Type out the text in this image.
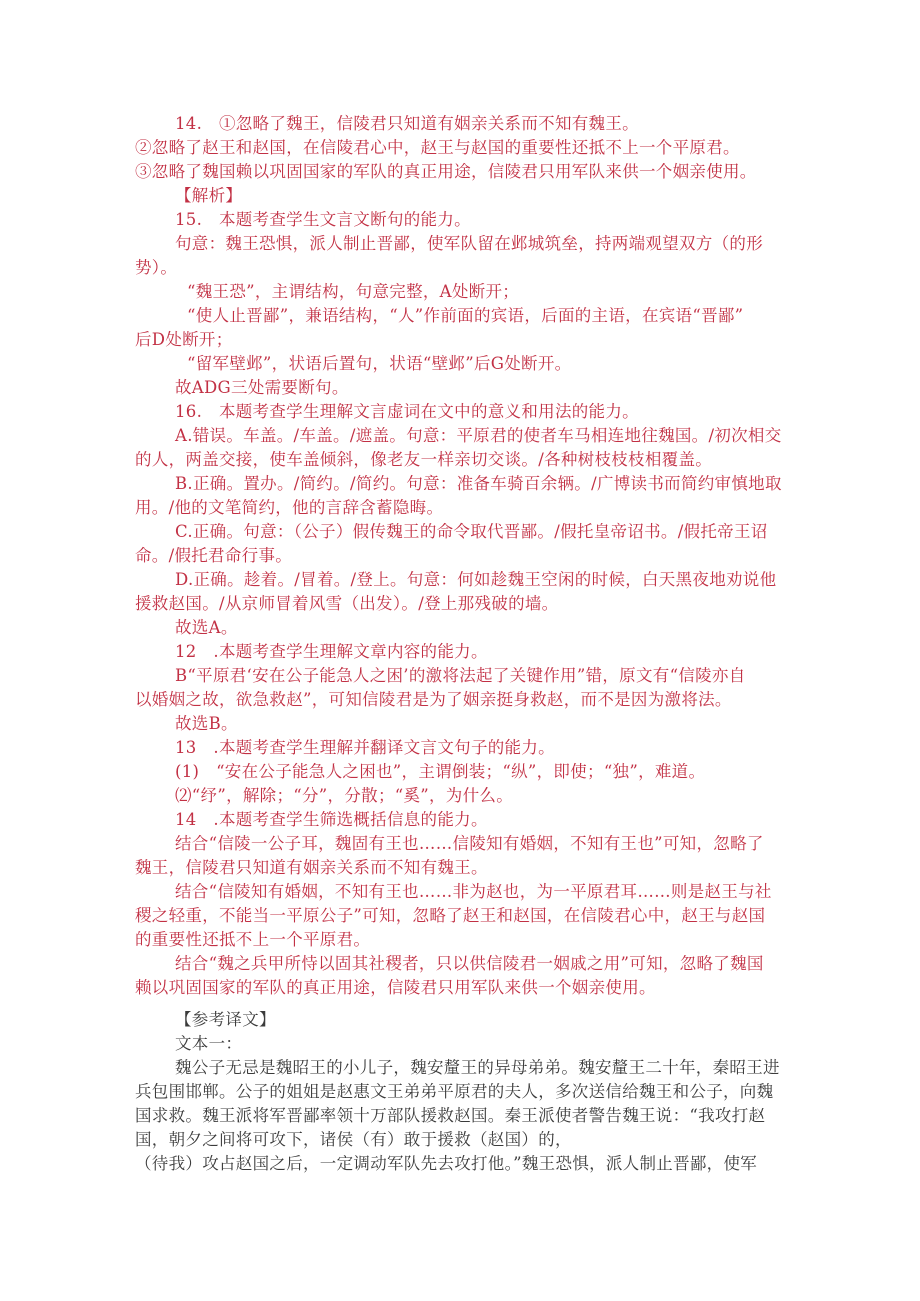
14.　①忽略了魏王，信陵君只知道有姻亲关系而不知有魏王。
②忽略了赵王和赵国，在信陵君心中，赵王与赵国的重要性还抵不上一个平原君。
③忽略了魏国赖以巩固国家的军队的真正用途，信陵君只用军队来供一个姻亲使用。
【解析】
15.　本题考查学生文言文断句的能力。
句意：魏王恐惧，派人制止晋鄙，使军队留在邺城筑垒，持两端观望双方（的形
势）。
“魏王恐”，主谓结构，句意完整，A处断开；
“使人止晋鄙”，兼语结构，“人”作前面的宾语，后面的主语，在宾语“晋鄙”
后D处断开；
“留军壁邺”，状语后置句，状语“壁邺”后G处断开。
故ADG三处需要断句。
16.　本题考查学生理解文言虚词在文中的意义和用法的能力。
A.错误。车盖。/车盖。/遮盖。句意：平原君的使者车马相连地往魏国。/初次相交
的人，两盖交接，使车盖倾斜，像老友一样亲切交谈。/各种树枝枝枝相覆盖。
B.正确。置办。/简约。/简约。句意：准备车骑百余辆。/广博读书而简约审慎地取
用。/他的文笔简约，他的言辞含蓄隐晦。
C.正确。句意：（公子）假传魏王的命令取代晋鄙。/假托皇帝诏书。/假托帝王诏
命。/假托君命行事。
D.正确。趁着。/冒着。/登上。句意：何如趁魏王空闲的时候，白天黑夜地劝说他
援救赵国。/从京师冒着风雪（出发）。/登上那残破的墙。
故选A。
12　.本题考查学生理解文章内容的能力。
B“平原君‘安在公子能急人之困’的激将法起了关键作用”错，原文有“信陵亦自
以婚姻之故，欲急救赵”，可知信陵君是为了姻亲挺身救赵，而不是因为激将法。
故选B。
13　.本题考查学生理解并翻译文言文句子的能力。
(1)　“安在公子能急人之困也”，主谓倒装；“纵”，即使；“独”，难道。
⑵“纾”，解除；“分”，分散；“奚”，为什么。
14　.本题考查学生筛选概括信息的能力。
结合“信陵一公子耳，魏固有王也……信陵知有婚姻，不知有王也”可知，忽略了
魏王，信陵君只知道有姻亲关系而不知有魏王。
结合“信陵知有婚姻，不知有王也……非为赵也，为一平原君耳……则是赵王与社
稷之轻重，不能当一平原公子”可知，忽略了赵王和赵国，在信陵君心中，赵王与赵国
的重要性还抵不上一个平原君。
结合“魏之兵甲所恃以固其社稷者，只以供信陵君一姻戚之用”可知，忽略了魏国
赖以巩固国家的军队的真正用途，信陵君只用军队来供一个姻亲使用。
【参考译文】
文本一：
魏公子无忌是魏昭王的小儿子，魏安釐王的异母弟弟。魏安釐王二十年，秦昭王进
兵包围邯郸。公子的姐姐是赵惠文王弟弟平原君的夫人，多次送信给魏王和公子，向魏
国求救。魏王派将军晋鄙率领十万部队援救赵国。秦王派使者警告魏王说：“我攻打赵
国，朝夕之间将可攻下，诸侯（有）敢于援救（赵国）的，
（待我）攻占赵国之后，一定调动军队先去攻打他。”魏王恐惧，派人制止晋鄙，使军
